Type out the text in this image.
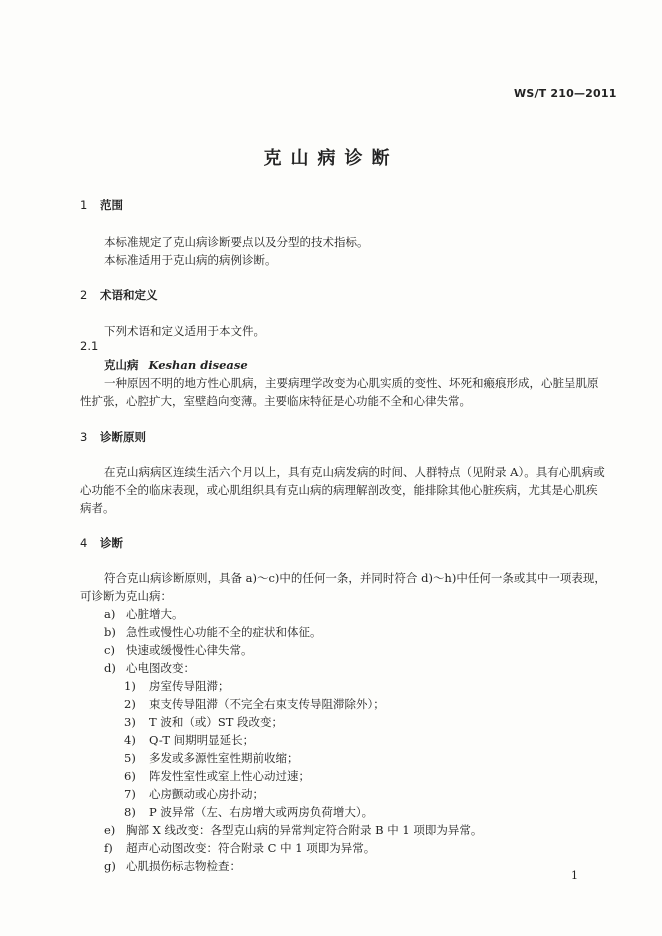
WS/T 210—2011
克山病诊断
1 范围
本标准规定了克山病诊断要点以及分型的技术指标。
本标准适用于克山病的病例诊断。
2 术语和定义
下列术语和定义适用于本文件。
2.1
克山病 Keshan disease
一种原因不明的地方性心肌病，主要病理学改变为心肌实质的变性、坏死和瘢痕形成，心脏呈肌原
性扩张，心腔扩大，室壁趋向变薄。主要临床特征是心功能不全和心律失常。
3 诊断原则
在克山病病区连续生活六个月以上，具有克山病发病的时间、人群特点（见附录 A）。具有心肌病或
心功能不全的临床表现，或心肌组织具有克山病的病理解剖改变，能排除其他心脏疾病，尤其是心肌疾
病者。
4 诊断
符合克山病诊断原则，具备 a)～c)中的任何一条，并同时符合 d)～h)中任何一条或其中一项表现，
可诊断为克山病：
a) 心脏增大。
b) 急性或慢性心功能不全的症状和体征。
c) 快速或缓慢性心律失常。
d) 心电图改变：
1) 房室传导阻滞；
2) 束支传导阻滞（不完全右束支传导阻滞除外）；
3) T 波和（或）ST 段改变；
4) Q-T 间期明显延长；
5) 多发或多源性室性期前收缩；
6) 阵发性室性或室上性心动过速；
7) 心房颤动或心房扑动；
8) P 波异常（左、右房增大或两房负荷增大）。
e) 胸部 X 线改变：各型克山病的异常判定符合附录 B 中 1 项即为异常。
f) 超声心动图改变：符合附录 C 中 1 项即为异常。
g) 心肌损伤标志物检查：
1
